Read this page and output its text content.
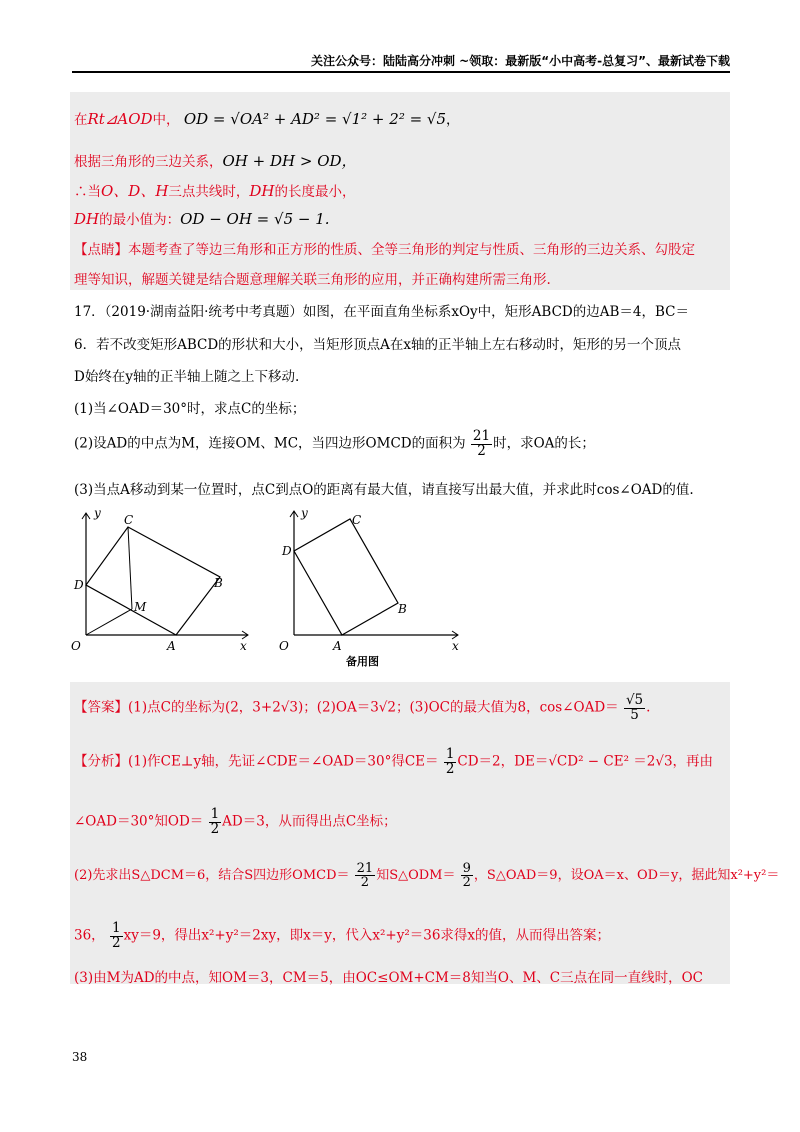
关注公众号：陆陆高分冲刺 ~领取：最新版“小中高考-总复习”、最新试卷下载
在Rt⊿AOD中， OD = √OA² + AD² = √1² + 2² = √5，
根据三角形的三边关系，OH + DH > OD，
∴当O、D、H三点共线时，DH的长度最小，
DH的最小值为：OD − OH = √5 − 1.
【点睛】本题考查了等边三角形和正方形的性质、全等三角形的判定与性质、三角形的三边关系、勾股定
理等知识，解题关键是结合题意理解关联三角形的应用，并正确构建所需三角形.
17．（2019·湖南益阳·统考中考真题）如图，在平面直角坐标系xOy中，矩形ABCD的边AB＝4，BC＝
6．若不改变矩形ABCD的形状和大小，当矩形顶点A在x轴的正半轴上左右移动时，矩形的另一个顶点
D始终在y轴的正半轴上随之上下移动.
(1)当∠OAD＝30°时，求点C的坐标；
(2)设AD的中点为M，连接OM、MC，当四边形OMCD的面积为 $\frac{21}{2}$ 时，求OA的长；
(3)当点A移动到某一位置时，点C到点O的距离有最大值，请直接写出最大值，并求此时cos∠OAD的值.
y C
D
M
B
O	A	x
y	C
D
B
O	A	x
备用图
【答案】(1)点C的坐标为(2，3+2√3)；(2)OA＝3√2；(3)OC的最大值为8，cos∠OAD＝ $\frac{√5}{5}$ .
【分析】(1)作CE⊥y轴，先证∠CDE＝∠OAD＝30°得$CE= \frac{1}{2} CD=2$，DE＝√CD² − CE² ＝2√3，再由
∠OAD＝30°知$OD= \frac{1}{2} AD=3$，从而得出点C坐标；
(2)先求出S△DCM＝6，结合S四边形OMCD＝ $\frac{21}{2}$ 知S△ODM＝ $\frac{9}{2}$ ，S△OAD＝9，设OA＝x、OD＝y，据此知x²+y²＝
36， $\frac{1}{2} xy=9$，得出x²+y²＝2xy，即x＝y，代入x²+y²＝36求得x的值，从而得出答案；
(3)由M为AD的中点，知OM＝3，CM＝5，由OC≤OM+CM＝8知当O、M、C三点在同一直线时，OC
38
